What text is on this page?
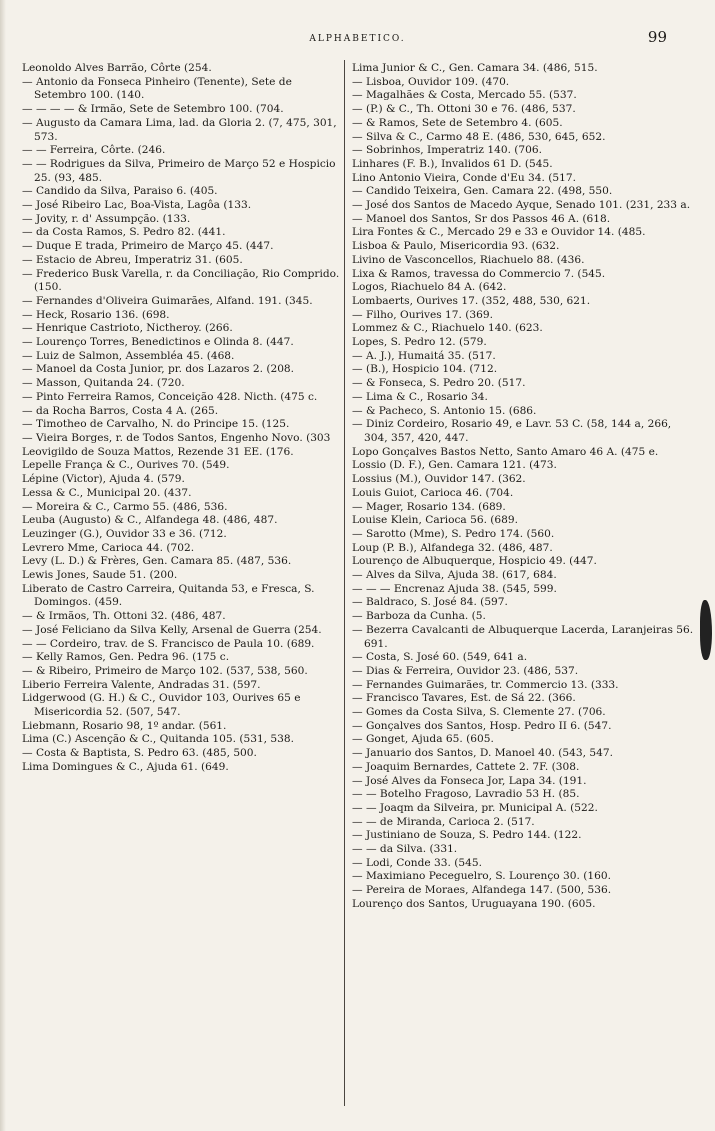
ALPHABETICO.	99

Leonoldo Alves Barrão, Côrte (254.

— Antonio da Fonseca Pinheiro (Tenente), Sete de Setembro 100. (140.

— — — — & Irmão, Sete de Setembro 100. (704.

— Augusto da Camara Lima, lad. da Gloria 2. (7, 475, 301, 573.

— — Ferreira, Côrte. (246.

— — Rodrigues da Silva, Primeiro de Março 52 e Hospicio 25. (93, 485.

— Candido da Silva, Paraiso 6. (405.

— José Ribeiro Lac, Boa-Vista, Lagôa (133.

— Jovity, r. d' Assumpção. (133.

— da Costa Ramos, S. Pedro 82. (441.

— Duque E trada, Primeiro de Março 45. (447.

— Estacio de Abreu, Imperatriz 31. (605.

— Frederico Busk Varella, r. da Conciliação, Rio Comprido. (150.

— Fernandes d'Oliveira Guimarães, Alfand. 191. (345.

— Heck, Rosario 136. (698.

— Henrique Castrioto, Nictheroy. (266.

— Lourenço Torres, Benedictinos e Olinda 8. (447.

— Luiz de Salmon, Assembléa 45. (468.

— Manoel da Costa Junior, pr. dos Lazaros 2. (208.

— Masson, Quitanda 24. (720.

— Pinto Ferreira Ramos, Conceição 428. Nicth. (475 c.

— da Rocha Barros, Costa 4 A. (265.

— Timotheo de Carvalho, N. do Principe 15. (125.

— Vieira Borges, r. de Todos Santos, Engenho Novo. (303

Leovigildo de Souza Mattos, Rezende 31 EE. (176.

Lepelle França & C., Ourives 70. (549.

Lépine (Victor), Ajuda 4. (579.

Lessa & C., Municipal 20. (437.

— Moreira & C., Carmo 55. (486, 536.

Leuba (Augusto) & C., Alfandega 48. (486, 487.

Leuzinger (G.), Ouvidor 33 e 36. (712.

Levrero Mme, Carioca 44. (702.

Levy (L. D.) & Frères, Gen. Camara 85. (487, 536.

Lewis Jones, Saude 51. (200.

Liberato de Castro Carreira, Quitanda 53, e Fresca, S. Domingos. (459.

— & Irmãos, Th. Ottoni 32. (486, 487.

— José Feliciano da Silva Kelly, Arsenal de Guerra (254.

— — Cordeiro, trav. de S. Francisco de Paula 10. (689.

— Kelly Ramos, Gen. Pedra 96. (175 c.

— & Ribeiro, Primeiro de Março 102. (537, 538, 560.

Liberio Ferreira Valente, Andradas 31. (597.

Lidgerwood (G. H.) & C., Ouvidor 103, Ourives 65 e Misericordia 52. (507, 547.

Liebmann, Rosario 98, 1º andar. (561.

Lima (C.) Ascenção & C., Quitanda 105. (531, 538.

— Costa & Baptista, S. Pedro 63. (485, 500.

Lima Domingues & C., Ajuda 61. (649.

Lima Junior & C., Gen. Camara 34. (486, 515.

— Lisboa, Ouvidor 109. (470.

— Magalhães & Costa, Mercado 55. (537.

— (P.) & C., Th. Ottoni 30 e 76. (486, 537.

— & Ramos, Sete de Setembro 4. (605.

— Silva & C., Carmo 48 E. (486, 530, 645, 652.

— Sobrinhos, Imperatriz 140. (706.

Linhares (F. B.), Invalidos 61 D. (545.

Lino Antonio Vieira, Conde d'Eu 34. (517.

— Candido Teixeira, Gen. Camara 22. (498, 550.

— José dos Santos de Macedo Ayque, Senado 101. (231, 233 a.

— Manoel dos Santos, Sr dos Passos 46 A. (618.

Lira Fontes & C., Mercado 29 e 33 e Ouvidor 14. (485.

Lisboa & Paulo, Misericordia 93. (632.

Livino de Vasconcellos, Riachuelo 88. (436.

Lixa & Ramos, travessa do Commercio 7. (545.

Logos, Riachuelo 84 A. (642.

Lombaerts, Ourives 17. (352, 488, 530, 621.

— Filho, Ourives 17. (369.

Lommez & C., Riachuelo 140. (623.

Lopes, S. Pedro 12. (579.

— A. J.), Humaitá 35. (517.

— (B.), Hospicio 104. (712.

— & Fonseca, S. Pedro 20. (517.

— Lima & C., Rosario 34.

— & Pacheco, S. Antonio 15. (686.

— Diniz Cordeiro, Rosario 49, e Lavr. 53 C. (58, 144 a, 266, 304, 357, 420, 447.

Lopo Gonçalves Bastos Netto, Santo Amaro 46 A. (475 e.

Lossio (D. F.), Gen. Camara 121. (473.

Lossius (M.), Ouvidor 147. (362.

Louis Guiot, Carioca 46. (704.

— Mager, Rosario 134. (689.

Louise Klein, Carioca 56. (689.

— Sarotto (Mme), S. Pedro 174. (560.

Loup (P. B.), Alfandega 32. (486, 487.

Lourenço de Albuquerque, Hospicio 49. (447.

— Alves da Silva, Ajuda 38. (617, 684.

— — — Encrenaz Ajuda 38. (545, 599.

— Baldraco, S. José 84. (597.

— Barboza da Cunha. (5.

— Bezerra Cavalcanti de Albuquerque Lacerda, Laranjeiras 56. 691.

— Costa, S. José 60. (549, 641 a.

— Dias & Ferreira, Ouvidor 23. (486, 537.

— Fernandes Guimarães, tr. Commercio 13. (333.

— Francisco Tavares, Est. de Sá 22. (366.

— Gomes da Costa Silva, S. Clemente 27. (706.

— Gonçalves dos Santos, Hosp. Pedro II 6. (547.

— Gonget, Ajuda 65. (605.

— Januario dos Santos, D. Manoel 40. (543, 547.

— Joaquim Bernardes, Cattete 2. 7F. (308.

— José Alves da Fonseca Jor, Lapa 34. (191.

— — Botelho Fragoso, Lavradio 53 H. (85.

— — Joaqm da Silveira, pr. Municipal A. (522.

— — de Miranda, Carioca 2. (517.

— Justiniano de Souza, S. Pedro 144. (122.

— — da Silva. (331.

— Lodi, Conde 33. (545.

— Maximiano Peceguelro, S. Lourenço 30. (160.

— Pereira de Moraes, Alfandega 147. (500, 536.

Lourenço dos Santos, Uruguayana 190. (605.
